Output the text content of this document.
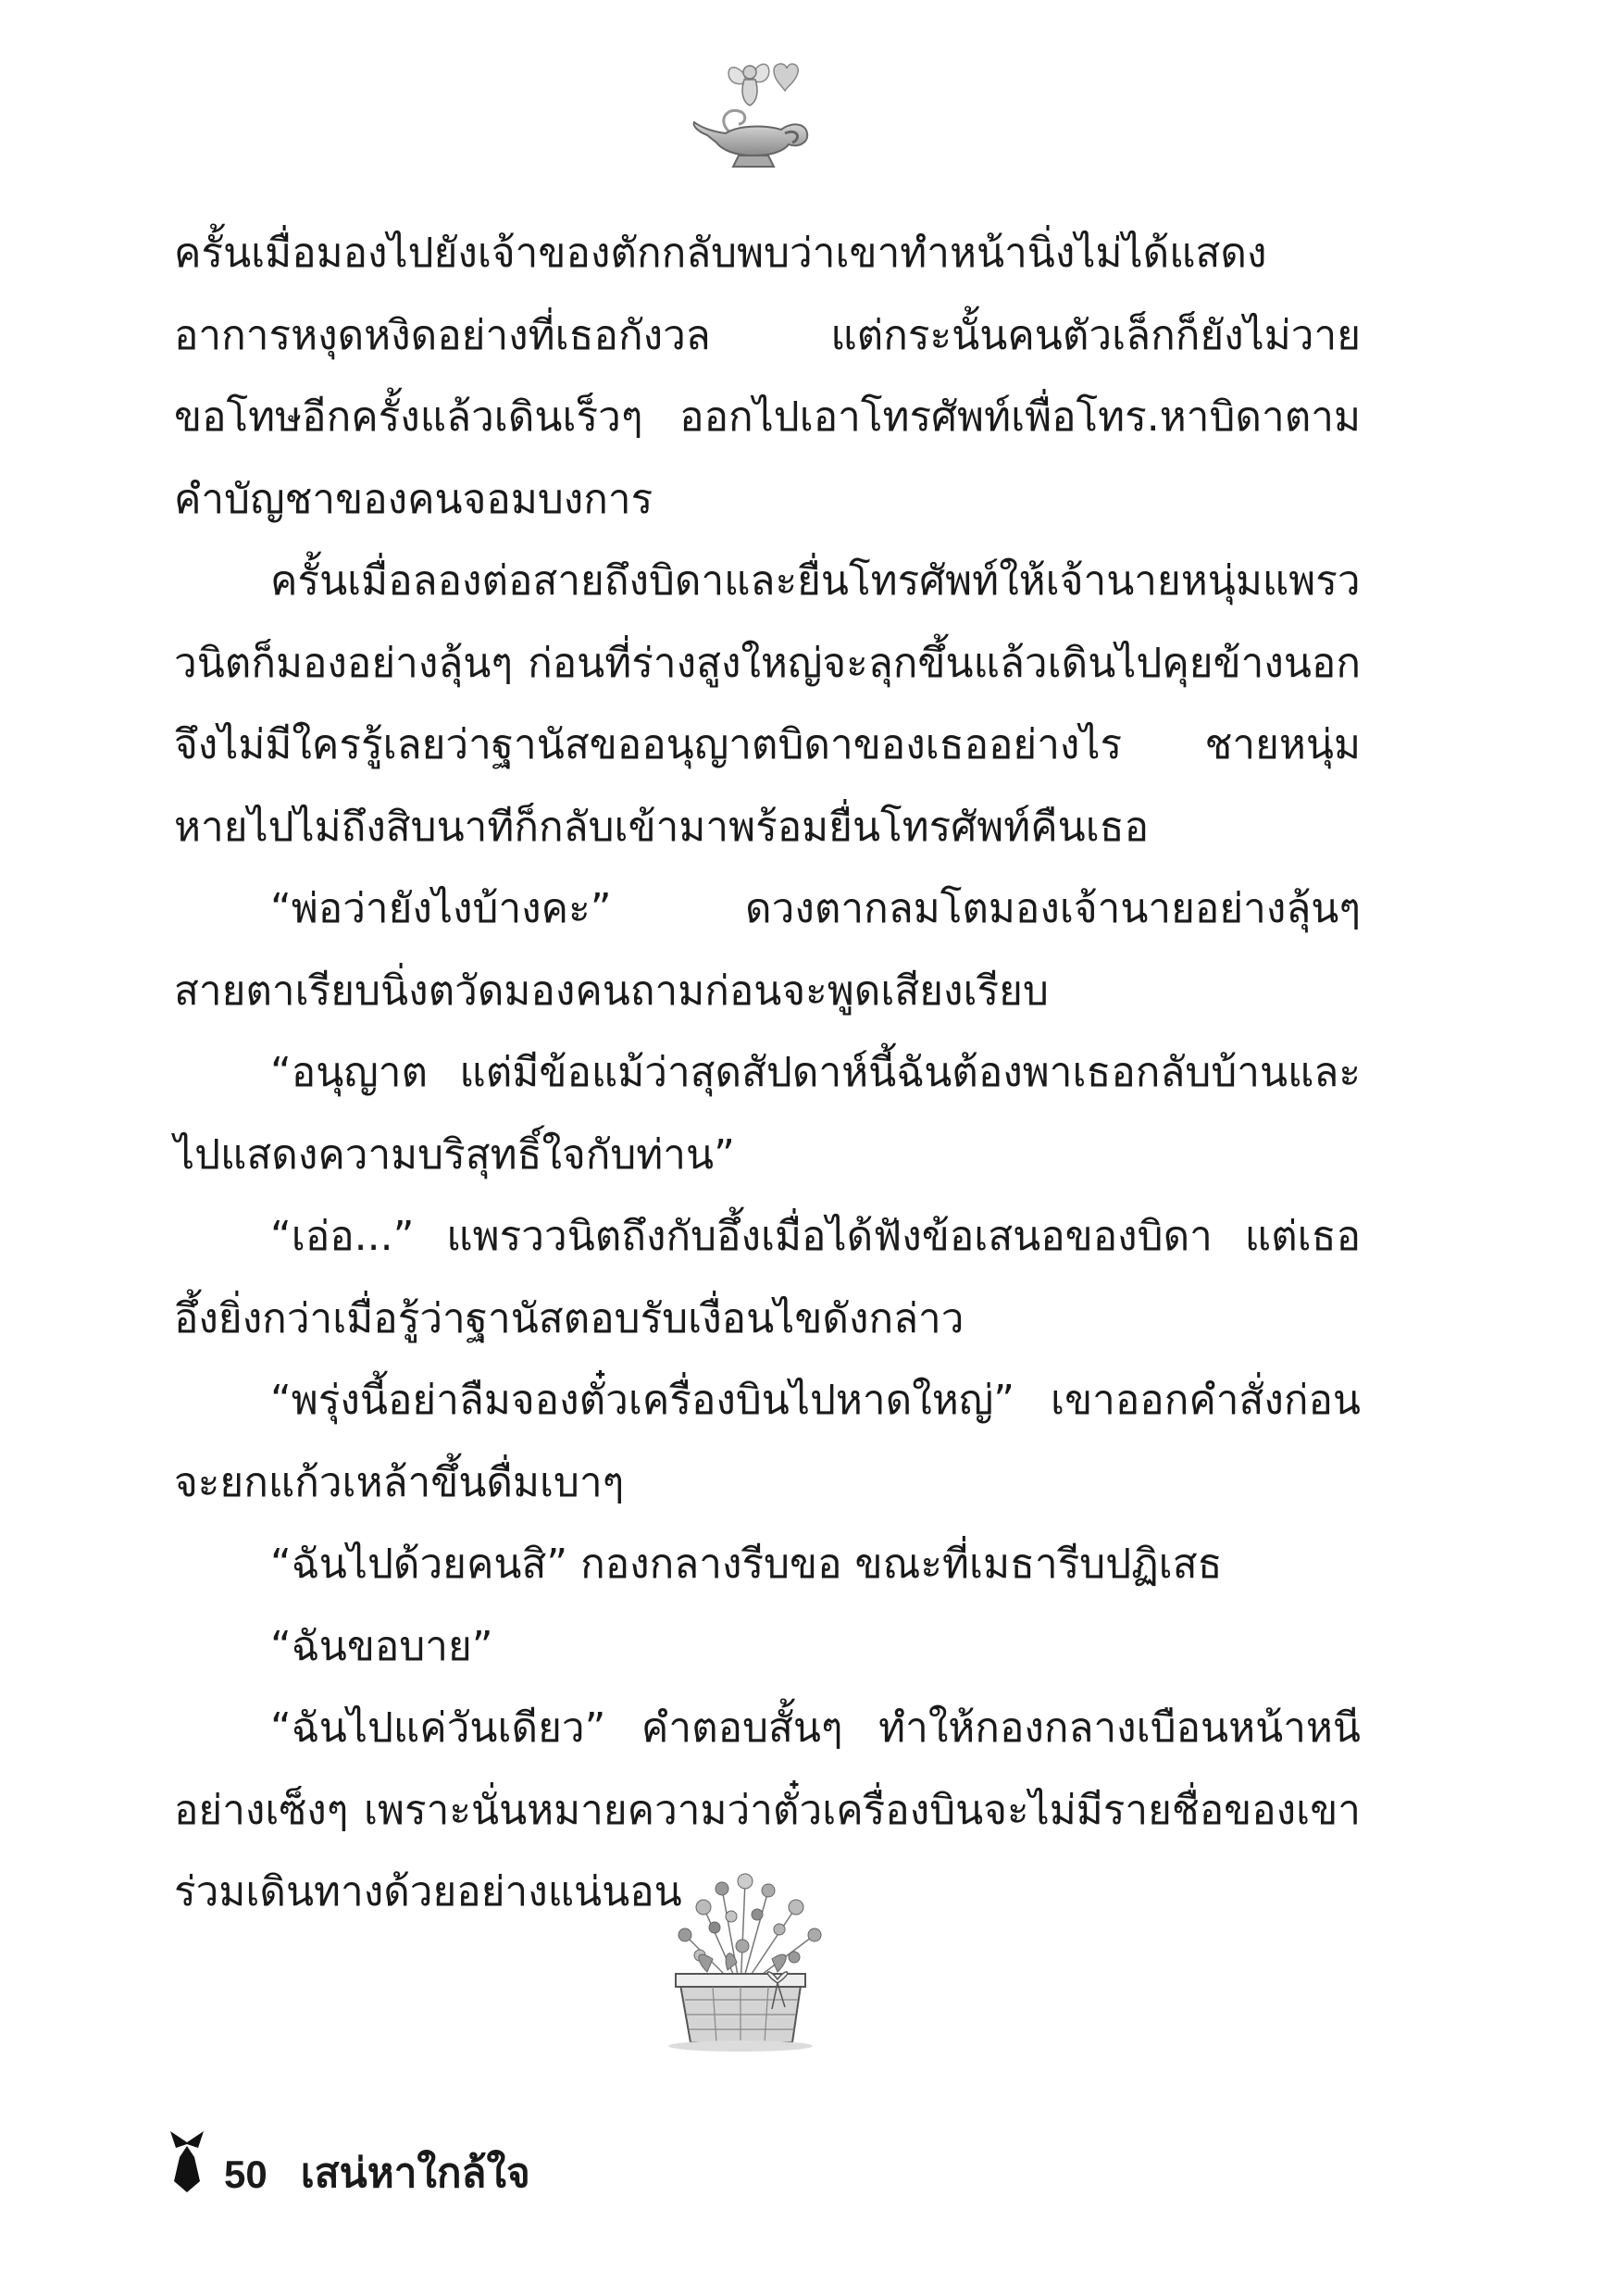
ครั้นเมื่อมองไปยังเจ้าของตักกลับพบว่าเขาทำหน้านิ่งไม่ได้แสดงอาการหงุดหงิดอย่างที่เธอกังวล แต่กระนั้นคนตัวเล็กก็ยังไม่วายขอโทษอีกครั้งแล้วเดินเร็วๆ ออกไปเอาโทรศัพท์เพื่อโทร.หาบิดาตามคำบัญชาของคนจอมบงการ

ครั้นเมื่อลองต่อสายถึงบิดาและยื่นโทรศัพท์ให้เจ้านายหนุ่มแพรววนิตก็มองอย่างลุ้นๆ ก่อนที่ร่างสูงใหญ่จะลุกขึ้นแล้วเดินไปคุยข้างนอกจึงไม่มีใครรู้เลยว่าฐานัสขออนุญาตบิดาของเธออย่างไร ชายหนุ่มหายไปไม่ถึงสิบนาทีก็กลับเข้ามาพร้อมยื่นโทรศัพท์คืนเธอ

“พ่อว่ายังไงบ้างคะ” ดวงตากลมโตมองเจ้านายอย่างลุ้นๆ สายตาเรียบนิ่งตวัดมองคนถามก่อนจะพูดเสียงเรียบ

“อนุญาต แต่มีข้อแม้ว่าสุดสัปดาห์นี้ฉันต้องพาเธอกลับบ้านและไปแสดงความบริสุทธิ์ใจกับท่าน”

“เอ่อ...” แพรววนิตถึงกับอึ้งเมื่อได้ฟังข้อเสนอของบิดา แต่เธออึ้งยิ่งกว่าเมื่อรู้ว่าฐานัสตอบรับเงื่อนไขดังกล่าว

“พรุ่งนี้อย่าลืมจองตั๋วเครื่องบินไปหาดใหญ่” เขาออกคำสั่งก่อนจะยกแก้วเหล้าขึ้นดื่มเบาๆ

“ฉันไปด้วยคนสิ” กองกลางรีบขอ ขณะที่เมธารีบปฏิเสธ

“ฉันขอบาย”

“ฉันไปแค่วันเดียว” คำตอบสั้นๆ ทำให้กองกลางเบือนหน้าหนีอย่างเซ็งๆ เพราะนั่นหมายความว่าตั๋วเครื่องบินจะไม่มีรายชื่อของเขาร่วมเดินทางด้วยอย่างแน่นอน

50 เสน่หาใกล้ใจ
